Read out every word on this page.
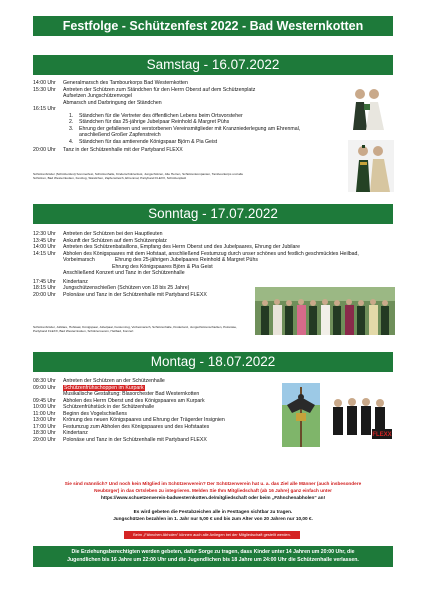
Festfolge - Schützenfest 2022 - Bad Westernkotten
Samstag - 16.07.2022
14:00 Uhr	Generalmarsch des Tambourkorps Bad Westernkotten
15:30 Uhr	Antreten der Schützen zum Ständchen für den Herrn Oberst auf dem Schützenplatz
Aufsetzen Jungschützenvogel
Abmarsch und Darbringung der Ständchen
16:15 Uhr
1.	Ständchen für die Vertreter des öffentlichen Lebens beim Ortsvorsteher
2.	Ständchen für das 25-jährige Jubelpaar Reinhold & Margret Pühs
3.	Ehrung der gefallenen und verstorbenen Vereinsmitglieder mit Kranzniederlegung am Ehrenmal,
anschließend Großer Zapfenstreich
4.	Ständchen für das amtierende Königspaar Björn & Pia Geist
20:00 Uhr	Tanz in der Schützenhalle mit der Partyband FLEXX
Schützenbrüder (Schützenfest) Sommerfest, Schützenhalle, Kinderschützenfest, Jungschützen, Alte Herren, Schützenkompanien, Tambourkorps und alle Schützen, Bad Westernkotten, Festzug, Ständchen, Zapfenstreich, Ehrenmal, Partyband FLEXX, Schützenplatz
Sonntag - 17.07.2022
12:30 Uhr	Antreten der Schützen bei den Hauptleuten
13:45 Uhr	Ankunft der Schützen auf dem Schützenplatz
14:00 Uhr	Antreten des Schützenbataillons, Empfang des Herrn Oberst und des Jubelpaares, Ehrung der Jubilare
14:15 Uhr	Abholen des Königspaares mit dem Hofstaat, anschließend Festumzug durch unser schönes und festlich geschmücktes Heilbad,
Vorbeimarsch              Ehrung des 25-jährigen Jubelpaares Reinhold & Margret Pühs
Ehrung des Königspaares Björn & Pia Geist
Anschließend Konzert und Tanz in der Schützenhalle
17:45 Uhr	Kindertanz
18:15 Uhr	Jungschützenschießen (Schützen von 18 bis 25 Jahre)
20:00 Uhr	Polonäse und Tanz in der Schützenhalle mit Partyband FLEXX
Schützenbrüder, Jubilare, Hofstaat, Königspaar, Jubelpaar, Festumzug, Vorbeimarsch, Schützenhalle, Kindertanz, Jungschützenschießen, Polonäse, Partyband FLEXX, Bad Westernkotten, Schützenverein, Heilbad, Konzert
Montag - 18.07.2022
08:30 Uhr	Antreten der Schützen an der Schützenhalle
09:00 Uhr	Schützenfrühschoppen im Kurpark
Musikalische Gestaltung: Blasorchester Bad Westernkotten
09:45 Uhr	Abholen des Herrn Oberst und des Königspaares am Kurpark
10:00 Uhr	Schützenfrühstück in der Schützenhalle
11:00 Uhr	Beginn des Vogelschießens
13:00 Uhr	Krönung des neuen Königspaares und Ehrung der Trägerder Insignien
17:00 Uhr	Festumzug zum Abholen des Königspaares und des Hofstaates
18:30 Uhr	Kindertanz
20:00 Uhr	Polonäse und Tanz in der Schützenhalle mit Partyband FLEXX
FLEXX
Sie sind männlich? Und noch kein Mitglied im Schützenverein? Der Schützenverein hat u. a. das Ziel alle Männer (auch insbesondere
Neubürger) in das Ortsleben zu integrieren. Melden Sie Ihm Mitgliedschaft (ab 16 Jahre) ganz einfach unter
https://www.schuetzenverein-badwesternkotten.de/mitgliedschaft oder beim „Fähnchenabholen“ an!
Es wird gebeten die Festabzeichen alle in Festtagen sichtbar zu tragen.
Jungschützen bezahlen im 1. Jahr nur 5,00 € und bis zum Alter von 20 Jahren nur 10,00 €.
Beim „Fähnchen Abholen“ können auch alle Anliegen bei der Mitgliedschaft gestellt werden.
Die Erziehungsberechtigten werden gebeten, dafür Sorge zu tragen, dass Kinder unter 14 Jahren um 20:00 Uhr, die
Jugendlichen bis 16 Jahre um 22:00 Uhr und die Jugendlichen bis 18 Jahre um 24:00 Uhr die Schützenhalle verlassen.
